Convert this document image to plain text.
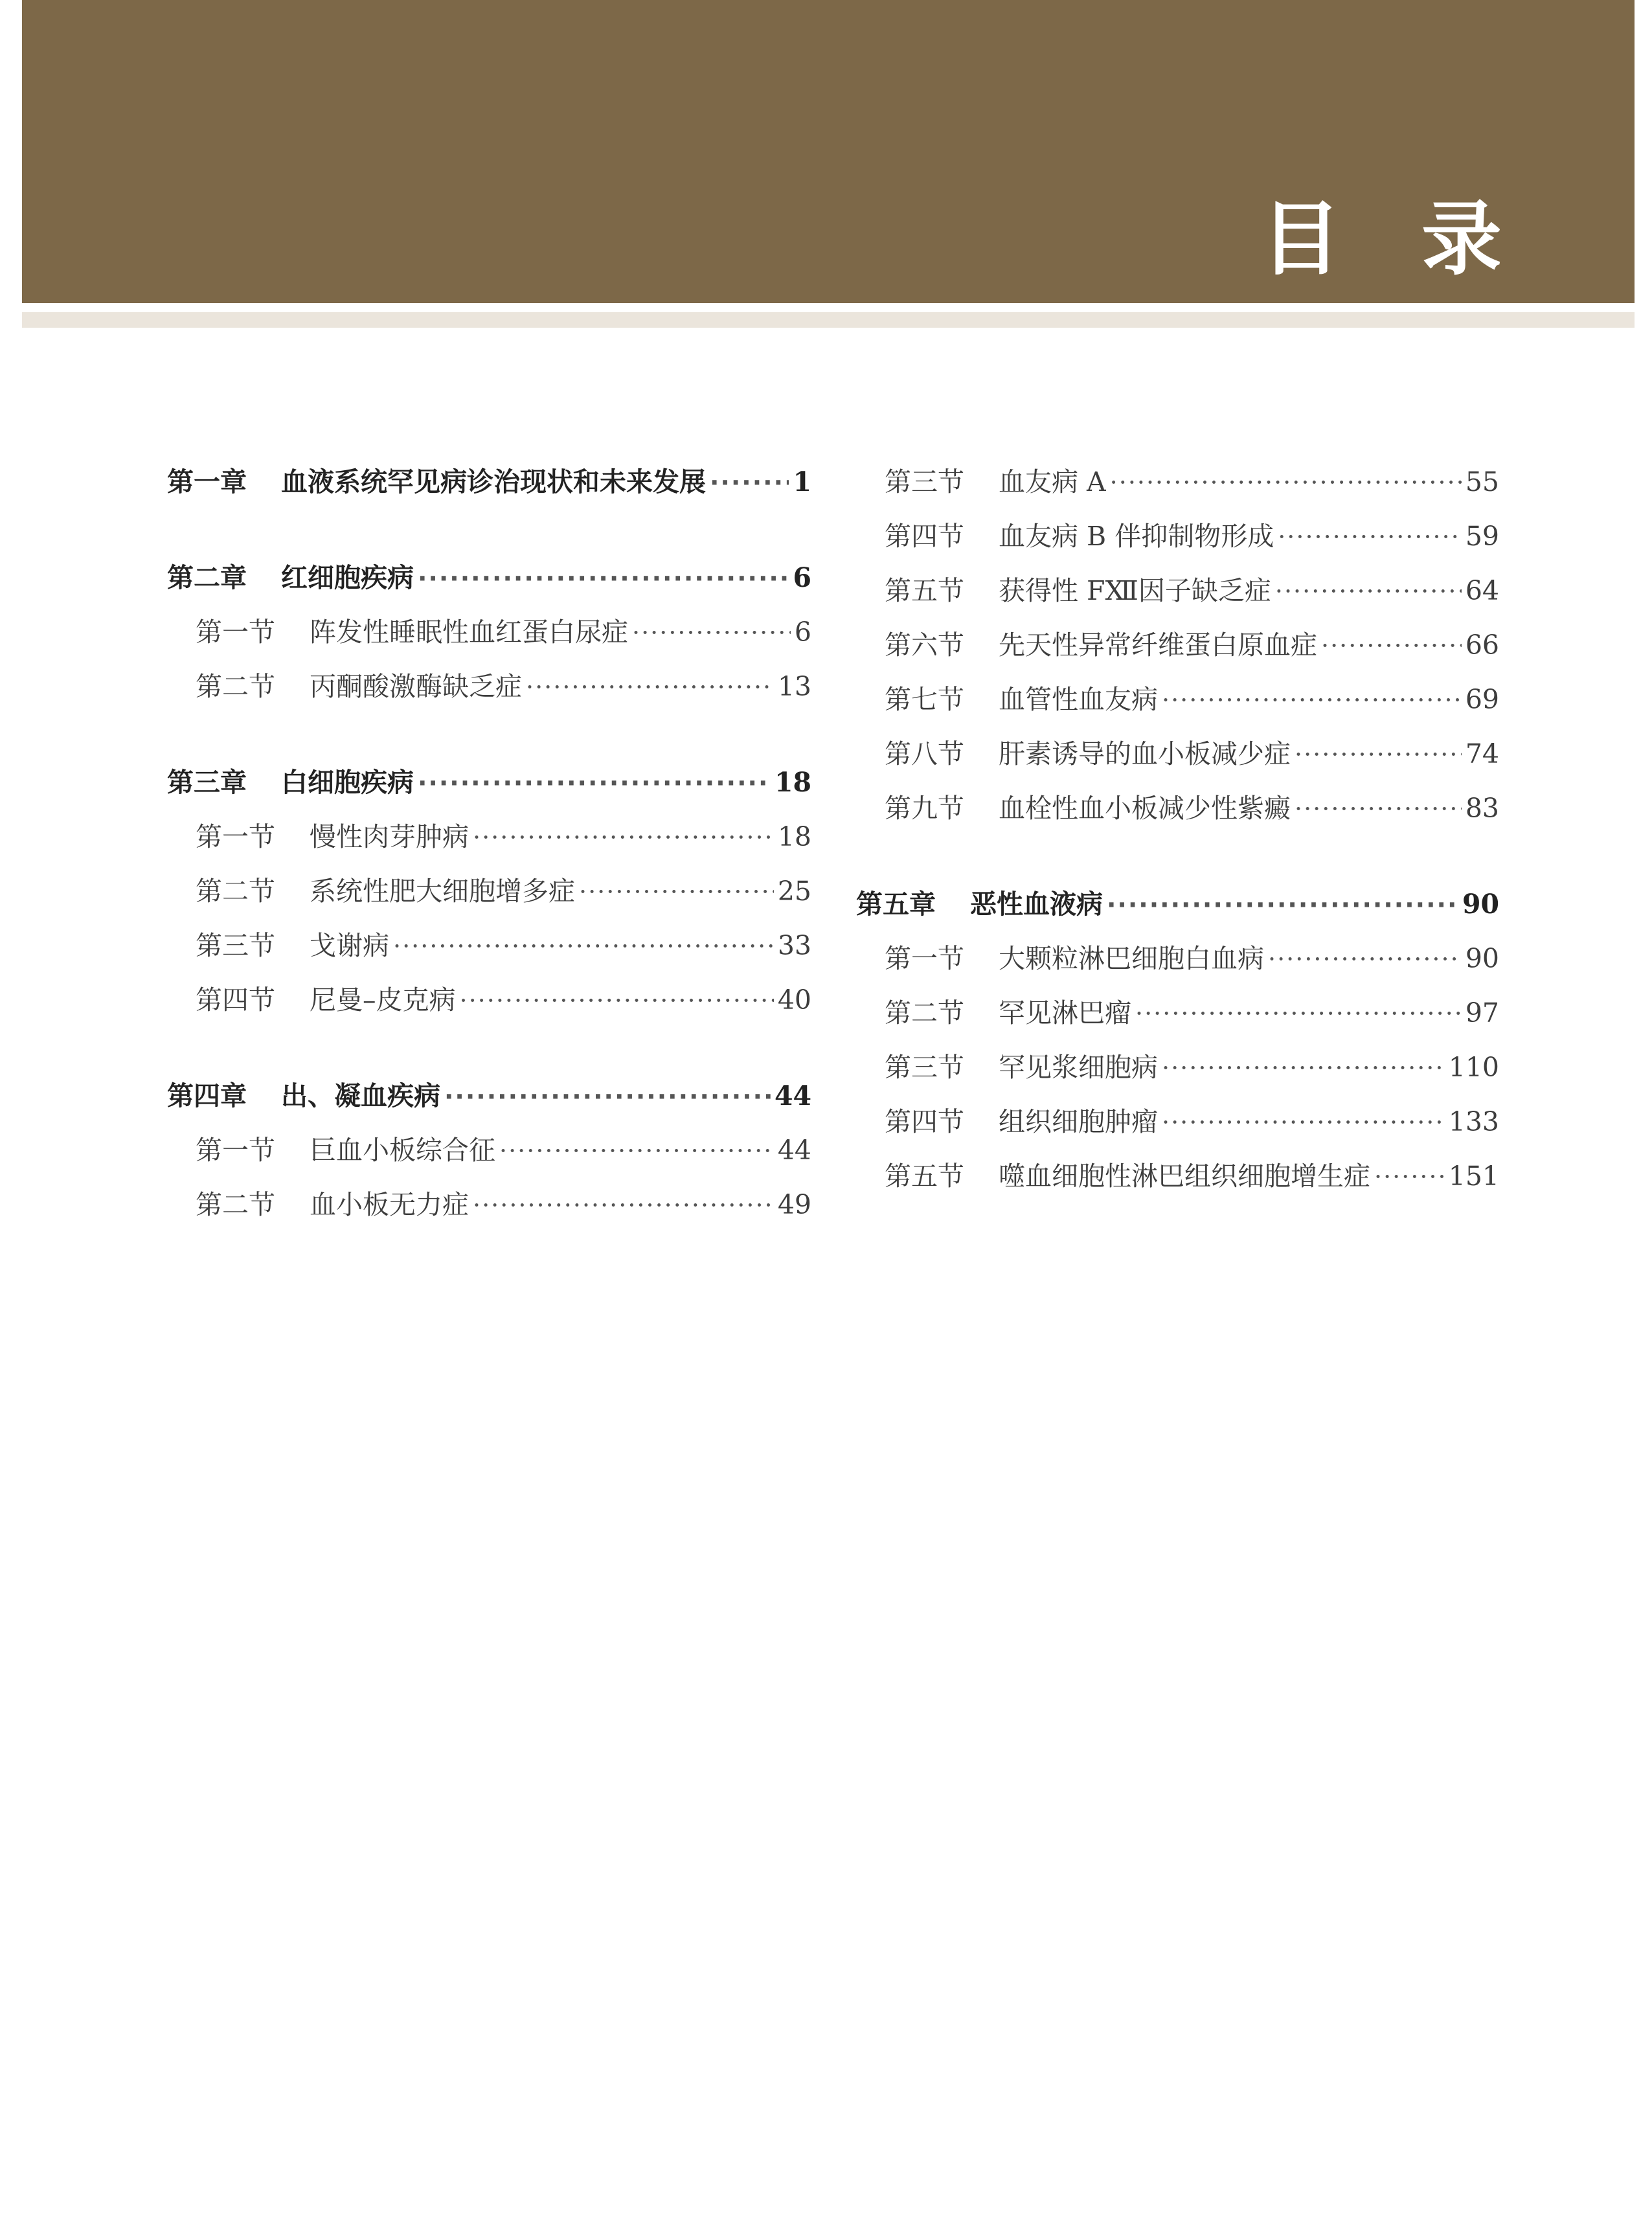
目　录
第一章	血液系统罕见病诊治现状和未来发展 ·····	1
第二章	红细胞疾病 ·····	6
第一节	阵发性睡眠性血红蛋白尿症 ·····	6
第二节	丙酮酸激酶缺乏症 ·····	13
第三章	白细胞疾病 ·····	18
第一节	慢性肉芽肿病 ·····	18
第二节	系统性肥大细胞增多症 ·····	25
第三节	戈谢病 ·····	33
第四节	尼曼–皮克病 ·····	40
第四章	出、凝血疾病 ·····	44
第一节	巨血小板综合征 ·····	44
第二节	血小板无力症 ·····	49
第三节	血友病 A ·····	55
第四节	血友病 B 伴抑制物形成 ·····	59
第五节	获得性 FⅫ因子缺乏症 ·····	64
第六节	先天性异常纤维蛋白原血症 ·····	66
第七节	血管性血友病 ·····	69
第八节	肝素诱导的血小板减少症 ·····	74
第九节	血栓性血小板减少性紫癜 ·····	83
第五章	恶性血液病 ·····	90
第一节	大颗粒淋巴细胞白血病 ·····	90
第二节	罕见淋巴瘤 ·····	97
第三节	罕见浆细胞病 ·····	110
第四节	组织细胞肿瘤 ·····	133
第五节	噬血细胞性淋巴组织细胞增生症 ·····	151
